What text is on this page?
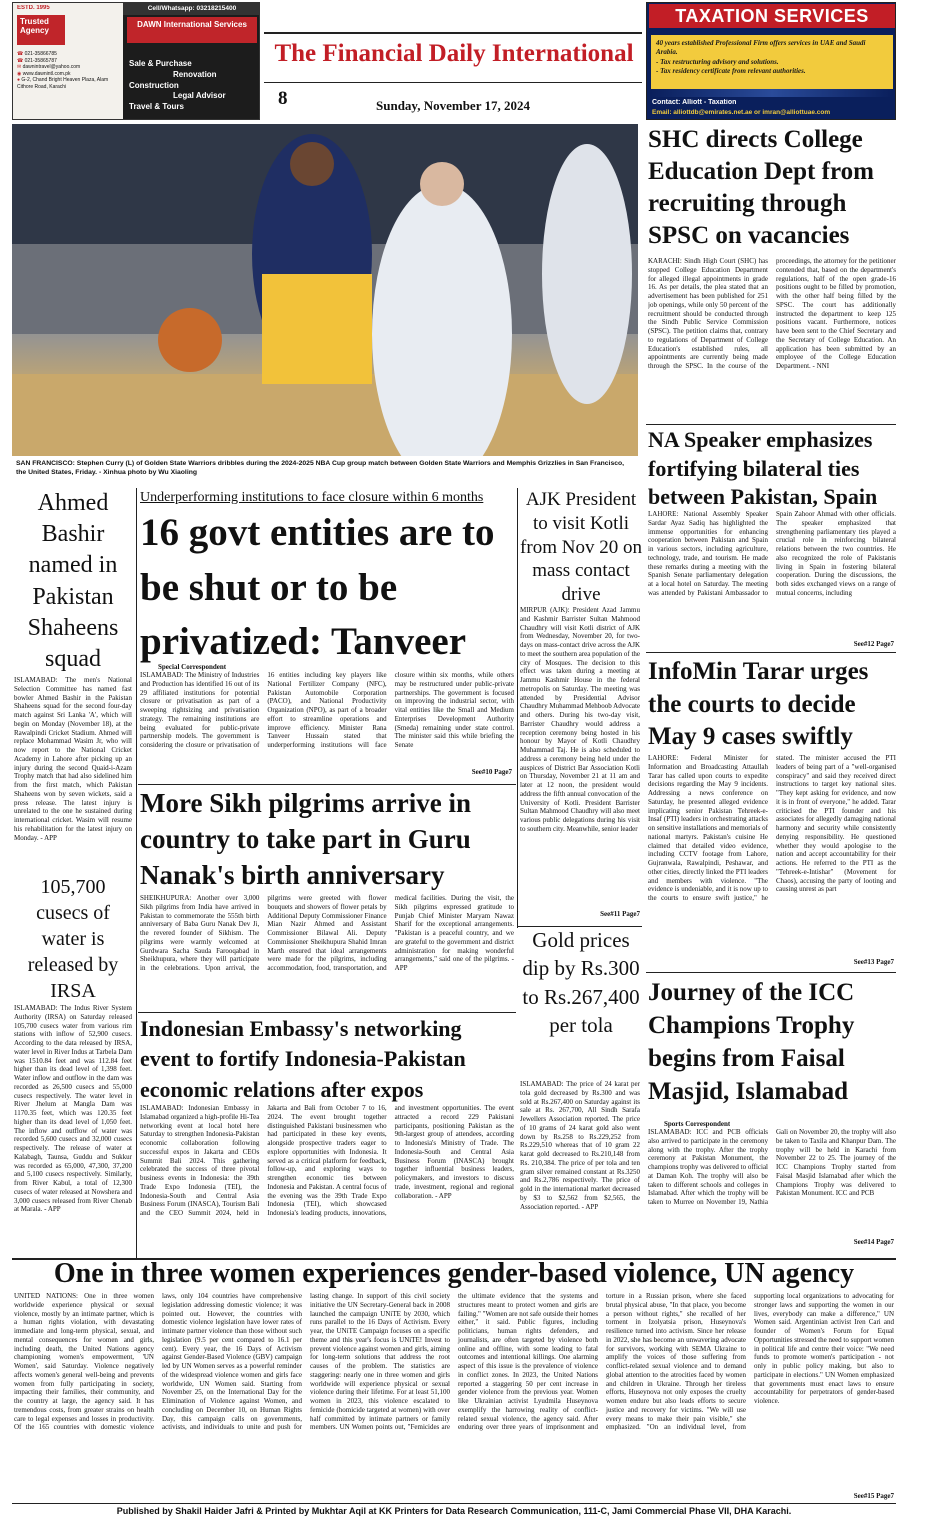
ESTD. 1995
Trusted Agency
☎ 021-35866785
☎ 021-35865787
✉ dawnintravel@yahoo.com
◉ www.dawnintl.com.pk
● G-2, Chand Bright Heaven Plaza, Alam Cithore Road, Karachi
Cell/Whatsapp: 03218215400
DAWN International Services
Sale & Purchase
Renovation
Construction
Legal Advisor
Travel & Tours
The Financial Daily International
8	Sunday, November 17, 2024
TAXATION SERVICES
40 years established Professional Firm offers services in UAE and Saudi Arabia.
- Tax restructuring advisory and solutions.
- Tax residency certificate from relevant authorities.
Contact: Alliott - Taxation
Email: alliottdb@emirates.net.ae or imran@alliottuae.com
SAN FRANCISCO: Stephen Curry (L) of Golden State Warriors dribbles during the 2024-2025 NBA Cup group match between Golden State Warriors and Memphis Grizzlies in San Francisco, the United States, Friday. - Xinhua photo by Wu Xiaoling
SHC directs College Education Dept from recruiting through SPSC on vacancies
KARACHI: Sindh High Court (SHC) has stopped College Education Department for alleged illegal appointments in grade 16. As per details, the plea stated that an advertisement has been published for 251 job openings, while only 50 percent of the recruitment should be conducted through the Sindh Public Service Commission (SPSC). The petition claims that, contrary to regulations of Department of College Education's established rules, all appointments are currently being made through the SPSC. In the course of the proceedings, the attorney for the petitioner contended that, based on the department's regulations, half of the open grade-16 positions ought to be filled by promotion, with the other half being filled by the SPSC. The court has additionally instructed the department to keep 125 positions vacant. Furthermore, notices have been sent to the Chief Secretary and the Secretary of College Education. An application has been submitted by an employee of the College Education Department. - NNI
NA Speaker emphasizes fortifying bilateral ties between Pakistan, Spain
LAHORE: National Assembly Speaker Sardar Ayaz Sadiq has highlighted the immense opportunities for enhancing cooperation between Pakistan and Spain in various sectors, including agriculture, technology, trade, and tourism. He made these remarks during a meeting with the Spanish Senate parliamentary delegation at a local hotel on Saturday. The meeting was attended by Pakistani Ambassador to Spain Zahoor Ahmad with other officials. The speaker emphasized that strengthening parliamentary ties played a crucial role in reinforcing bilateral relations between the two countries. He also recognized the role of Pakistanis living in Spain in fostering bilateral cooperation. During the discussions, the both sides exchanged views on a range of mutual concerns, including
See#12 Page7
InfoMin Tarar urges the courts to decide May 9 cases swiftly
LAHORE: Federal Minister for Information and Broadcasting Attaullah Tarar has called upon courts to expedite decisions regarding the May 9 incidents. Addressing a news conference on Saturday, he presented alleged evidence implicating senior Pakistan Tehreek-e-Insaf (PTI) leaders in orchestrating attacks on sensitive installations and memorials of national martyrs. Pakistan's cuisine He claimed that detailed video evidence, including CCTV footage from Lahore, Gujranwala, Rawalpindi, Peshawar, and other cities, directly linked the PTI leaders and members with violence. "The evidence is undeniable, and it is now up to the courts to ensure swift justice," he stated. The minister accused the PTI leaders of being part of a "well-organised conspiracy" and said they received direct instructions to target key national sites. "They kept asking for evidence, and now it is in front of everyone," he added. Tarar criticised the PTI founder and his associates for allegedly damaging national harmony and security while consistently denying responsibility. He questioned whether they would apologise to the nation and accept accountability for their actions. He referred to the PTI as the "Tehreek-e-Intishar" (Movement for Chaos), accusing the party of looting and causing unrest as part
See#13 Page7
Journey of the ICC Champions Trophy begins from Faisal Masjid, Islamabad
Sports Correspondent
ISLAMABAD: ICC and PCB officials also arrived to participate in the ceremony along with the trophy. After the trophy ceremony at Pakistan Monument, the champions trophy was delivered to official at Daman Koh. The trophy will also be taken to different schools and colleges in Islamabad. After which the trophy will be taken to Murree on November 19, Nathia Gali on November 20, the trophy will also be taken to Taxila and Khanpur Dam. The trophy will be held in Karachi from November 22 to 25. The journey of the ICC Champions Trophy started from Faisal Masjid Islamabad after which the Champions Trophy was delivered to Pakistan Monument. ICC and PCB
See#14 Page7
Ahmed Bashir named in Pakistan Shaheens squad
ISLAMABAD: The men's National Selection Committee has named fast bowler Ahmed Bashir in the Pakistan Shaheens squad for the second four-day match against Sri Lanka 'A', which will begin on Monday (November 18), at the Rawalpindi Cricket Stadium. Ahmed will replace Mohammad Wasim Jr, who will now report to the National Cricket Academy in Lahore after picking up an injury during the second Quaid-i-Azam Trophy match that had also sidelined him from the first match, which Pakistan Shaheens won by seven wickets, said a press release. The latest injury is unrelated to the one he sustained during international cricket. Wasim will resume his rehabilitation for the latest injury on Monday. - APP
105,700 cusecs of water is released by IRSA
ISLAMABAD: The Indus River System Authority (IRSA) on Saturday released 105,700 cusecs water from various rim stations with inflow of 52,900 cusecs. According to the data released by IRSA, water level in River Indus at Tarbela Dam was 1510.84 feet and was 112.84 feet higher than its dead level of 1,398 feet. Water inflow and outflow in the dam was recorded as 26,500 cusecs and 55,000 cusecs respectively. The water level in River Jhelum at Mangla Dam was 1170.35 feet, which was 120.35 feet higher than its dead level of 1,050 feet. The inflow and outflow of water was recorded 5,600 cusecs and 32,000 cusecs respectively. The release of water at Kalabagh, Taunsa, Guddu and Sukkur was recorded as 65,000, 47,300, 37,200 and 5,100 cusecs respectively. Similarly, from River Kabul, a total of 12,300 cusecs of water released at Nowshera and 3,000 cusecs released from River Chenab at Marala. - APP
Underperforming institutions to face closure within 6 months
16 govt entities are to be shut or to be privatized: Tanveer
Special Correspondent
ISLAMABAD: The Ministry of Industries and Production has identified 16 out of its 29 affiliated institutions for potential closure or privatisation as part of a sweeping rightsizing and privatisation strategy. The remaining institutions are being evaluated for public-private partnership models. The government is considering the closure or privatisation of 16 entities including key players like National Fertilizer Company (NFC), Pakistan Automobile Corporation (PACO), and National Productivity Organization (NPO), as part of a broader effort to streamline operations and improve efficiency. Minister Rana Tanveer Hussain stated that underperforming institutions will face closure within six months, while others may be restructured under public-private partnerships. The government is focused on improving the industrial sector, with vital entities like the Small and Medium Enterprises Development Authority (Smeda) remaining under state control. The minister said this while briefing the Senate
See#10 Page7
AJK President to visit Kotli from Nov 20 on mass contact drive
MIRPUR (AJK): President Azad Jammu and Kashmir Barrister Sultan Mahmood Chaudhry will visit Kotli district of AJK from Wednesday, November 20, for two-days on mass-contact drive across the AJK to meet the southern area population of the city of Mosques. The decision to this effect was taken during a meeting at Jammu Kashmir House in the federal metropolis on Saturday. The meeting was attended by Presidential Advisor Chaudhry Muhammad Mehboob Advocate and others. During his two-day visit, Barrister Chaudhry would address a reception ceremony being hosted in his honour by Mayor of Kotli Chaudhry Muhammad Taj. He is also scheduled to address a ceremony being held under the auspices of District Bar Association Kotli on Thursday, November 21 at 11 am and later at 12 noon, the president would address the fifth annual convocation of the University of Kotli. President Barrister Sultan Mahmood Chaudhry will also meet various public delegations during his visit to southern city. Meanwhile, senior leader
See#11 Page7
More Sikh pilgrims arrive in country to take part in Guru Nanak's birth anniversary
SHEIKHUPURA: Another over 3,000 Sikh pilgrims from India have arrived in Pakistan to commemorate the 555th birth anniversary of Baba Guru Nanak Dev Ji, the revered founder of Sikhism. The pilgrims were warmly welcomed at Gurdwara Sacha Sauda Farooqabad in Sheikhupura, where they will participate in the celebrations. Upon arrival, the pilgrims were greeted with flower bouquets and showers of flower petals by Additional Deputy Commissioner Finance Mian Nazir Ahmed and Assistant Commissioner Bilawal Ali. Deputy Commissioner Sheikhupura Shahid Imran Marth ensured that ideal arrangements were made for the pilgrims, including accommodation, food, transportation, and medical facilities. During the visit, the Sikh pilgrims expressed gratitude to Punjab Chief Minister Maryam Nawaz Sharif for the exceptional arrangements. "Pakistan is a peaceful country, and we are grateful to the government and district administration for making wonderful arrangements," said one of the pilgrims. - APP
Gold prices dip by Rs.300 to Rs.267,400 per tola
ISLAMABAD: The price of 24 karat per tola gold decreased by Rs.300 and was sold at Rs.267,400 on Saturday against its sale at Rs. 267,700, All Sindh Sarafa Jewellers Association reported. The price of 10 grams of 24 karat gold also went down by Rs.258 to Rs.229,252 from Rs.229,510 whereas that of 10 gram 22 karat gold decreased to Rs.210,148 from Rs. 210,384. The price of per tola and ten gram silver remained constant at Rs.3250 and Rs.2,786 respectively. The price of gold in the international market decreased by $3 to $2,562 from $2,565, the Association reported. - APP
Indonesian Embassy's networking event to fortify Indonesia-Pakistan economic relations after expos
ISLAMABAD: Indonesian Embassy in Islamabad organized a high-profile Hi-Tea networking event at local hotel here Saturday to strengthen Indonesia-Pakistan economic collaboration following successful expos in Jakarta and CEOs Summit Bali 2024. This gathering celebrated the success of three pivotal business events in Indonesia: the 39th Trade Expo Indonesia (TEI), the Indonesia-South and Central Asia Business Forum (INASCA), Tourism Bali and the CEO Summit 2024, held in Jakarta and Bali from October 7 to 16, 2024. The event brought together distinguished Pakistani businessmen who had participated in these key events, alongside prospective traders eager to explore opportunities with Indonesia. It served as a critical platform for feedback, follow-up, and exploring ways to strengthen economic ties between Indonesia and Pakistan. A central focus of the evening was the 39th Trade Expo Indonesia (TEI), which showcased Indonesia's leading products, innovations, and investment opportunities. The event attracted a record 229 Pakistani participants, positioning Pakistan as the 9th-largest group of attendees, according to Indonesia's Ministry of Trade. The Indonesia-South and Central Asia Business Forum (INASCA) brought together influential business leaders, policymakers, and investors to discuss trade, investment, regional and regional collaboration. - APP
One in three women experiences gender-based violence, UN agency
UNITED NATIONS: One in three women worldwide experience physical or sexual violence, mostly by an intimate partner, which is a human rights violation, with devastating immediate and long-term physical, sexual, and mental consequences for women and girls, including death, the United Nations agency championing women's empowerment, 'UN Women', said Saturday. Violence negatively affects women's general well-being and prevents women from fully participating in society, impacting their families, their community, and the country at large, the agency said. It has tremendous costs, from greater strains on health care to legal expenses and losses in productivity. Of the 165 countries with domestic violence laws, only 104 countries have comprehensive legislation addressing domestic violence; it was pointed out. However, the countries with domestic violence legislation have lower rates of intimate partner violence than those without such legislation (9.5 per cent compared to 16.1 per cent). Every year, the 16 Days of Activism against Gender-Based Violence (GBV) campaign led by UN Women serves as a powerful reminder of the widespread violence women and girls face worldwide, UN Women said. Starting from November 25, on the International Day for the Elimination of Violence against Women, and concluding on December 10, on Human Rights Day, this campaign calls on governments, activists, and individuals to unite and push for lasting change. In support of this civil society initiative the UN Secretary-General back in 2008 launched the campaign UNiTE by 2030, which runs parallel to the 16 Days of Activism. Every year, the UNiTE Campaign focuses on a specific theme and this year's focus is UNiTE! Invest to prevent violence against women and girls, aiming for long-term solutions that address the root causes of the problem. The statistics are staggering: nearly one in three women and girls worldwide will experience physical or sexual violence during their lifetime. For at least 51,100 women in 2023, this violence escalated to femicide (homicide targeted at women) with over half committed by intimate partners or family members. UN Women points out, "Femicides are the ultimate evidence that the systems and structures meant to protect women and girls are failing." "Women are not safe outside their homes either," it said. Public figures, including politicians, human rights defenders, and journalists, are often targeted by violence both online and offline, with some leading to fatal outcomes and intentional killings. One alarming aspect of this issue is the prevalence of violence in conflict zones. In 2023, the United Nations reported a staggering 50 per cent increase in gender violence from the previous year. Women like Ukrainian activist Lyudmila Huseynova exemplify the harrowing reality of conflict-related sexual violence, the agency said. After enduring over three years of imprisonment and torture in a Russian prison, where she faced brutal physical abuse, "In that place, you become a person without rights," she recalled of her torment in Izolyatsia prison, Huseynova's resilience turned into activism. Since her release in 2022, she has become an unwavering advocate for survivors, working with SEMA Ukraine to amplify the voices of those suffering from conflict-related sexual violence and to demand global attention to the atrocities faced by women and children in Ukraine. Through her tireless efforts, Huseynova not only exposes the cruelty women endure but also leads efforts to secure justice and recovery for victims. "We will use every means to make their pain visible," she emphasized. "On an individual level, from supporting local organizations to advocating for stronger laws and supporting the women in our lives, everybody can make a difference," UN Women said. Argentinian activist Iren Cari and founder of Women's Forum for Equal Opportunities stressed the need to support women in political life and centre their voice: "We need funds to promote women's participation - not only in public policy making, but also to participate in elections." UN Women emphasized that governments must enact laws to ensure accountability for perpetrators of gender-based violence.
See#15 Page7
Published by Shakil Haider Jafri & Printed by Mukhtar Aqil at KK Printers for Data Research Communication, 111-C, Jami Commercial Phase VII, DHA Karachi.
